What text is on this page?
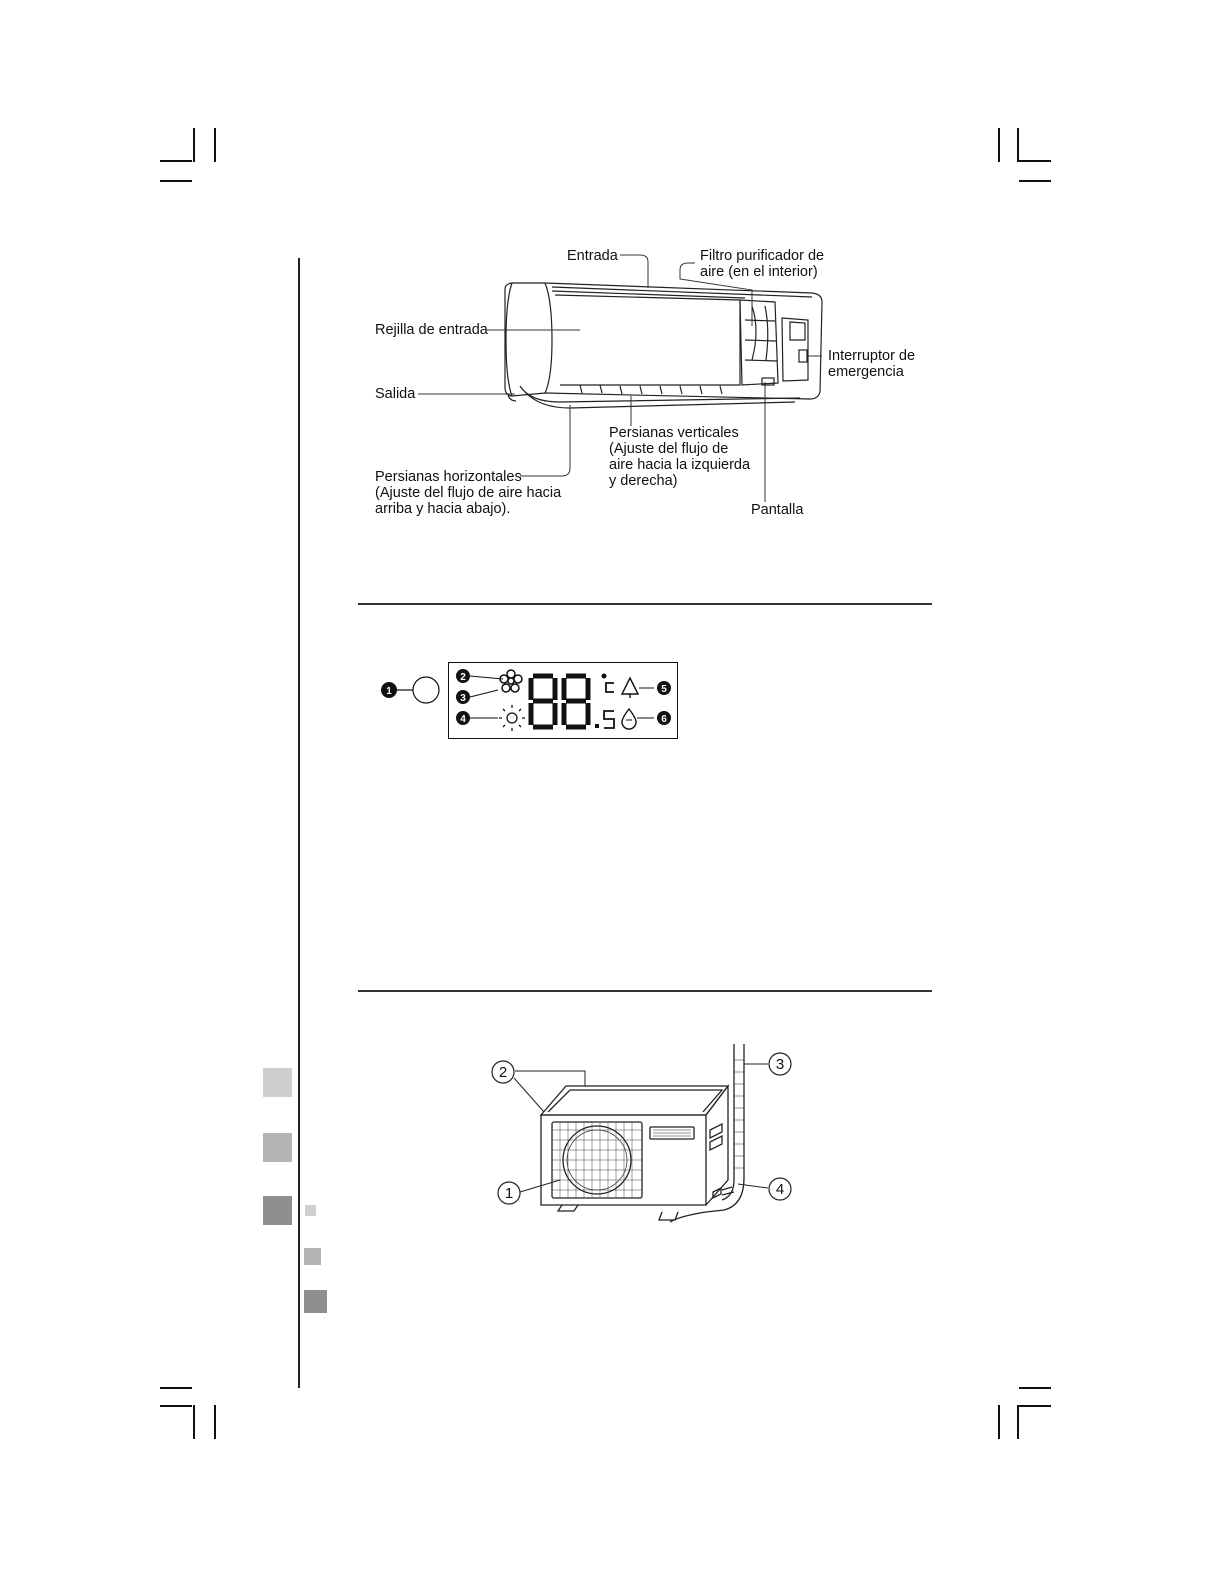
Entrada	Filtro purificador de
aire (en el interior)
Rejilla de entrada
Interruptor de
emergencia
Salida
Persianas verticales
(Ajuste del flujo de
aire hacia la izquierda
y derecha)
Persianas horizontales
(Ajuste del flujo de aire hacia
arriba y hacia abajo).	Pantalla
1
2
3
4
5
6
2	3
4
1
